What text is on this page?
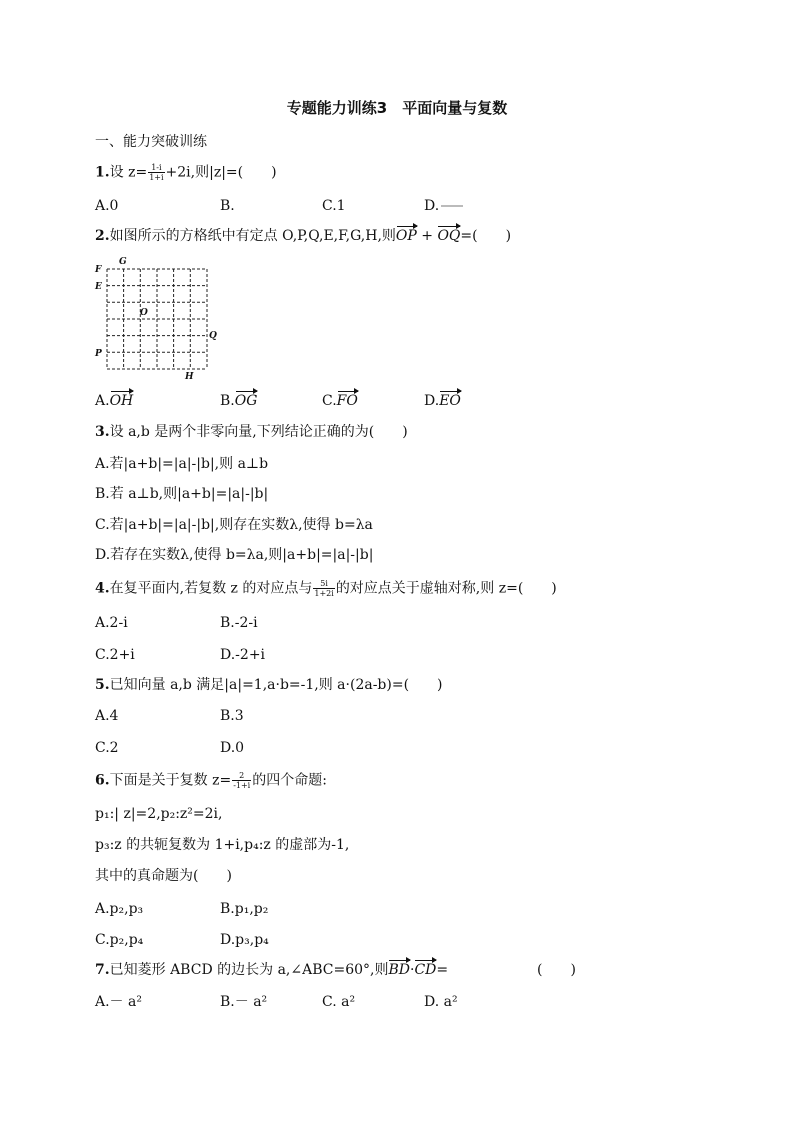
专题能力训练3　平面向量与复数
一、能力突破训练
1.设 $z= \frac{1-i}{1+i} +2i$,则|z|=(　　)
A.0	B.	C.1	D.
2.如图所示的方格纸中有定点 O,P,Q,E,F,G,H,则OP + OQ=(　　)
F
G
E
O
Q
P
H
A.OH	B.OG	C.FO	D.EO
3.设 a,b 是两个非零向量,下列结论正确的为(　　)
A.若|a+b|=|a|-|b|,则 a⊥b
B.若 a⊥b,则|a+b|=|a|-|b|
C.若|a+b|=|a|-|b|,则存在实数λ,使得 b=λa
D.若存在实数λ,使得 b=λa,则|a+b|=|a|-|b|
4.在复平面内,若复数 z 的对应点与 $\frac{5i}{1+2i}$ 的对应点关于虚轴对称,则 z=(　　)
A.2-i	B.-2-i
C.2+i	D.-2+i
5.已知向量 a,b 满足|a|=1,a·b=-1,则 a·(2a-b)=(　　)
A.4	B.3
C.2	D.0
6.下面是关于复数 $z= \frac{2}{-1+i}$ 的四个命题:
p₁:| z|=2,p₂:z²=2i,
p₃:z 的共轭复数为 1+i,p₄:z 的虚部为-1,
其中的真命题为(　　)
A.p₂,p₃	B.p₁,p₂
C.p₂,p₄	D.p₃,p₄
7.已知菱形 ABCD 的边长为 a,∠ABC=60°,则BD·CD=	(　　)
A.－ a²	B.－ a²	C. a²	D. a²
